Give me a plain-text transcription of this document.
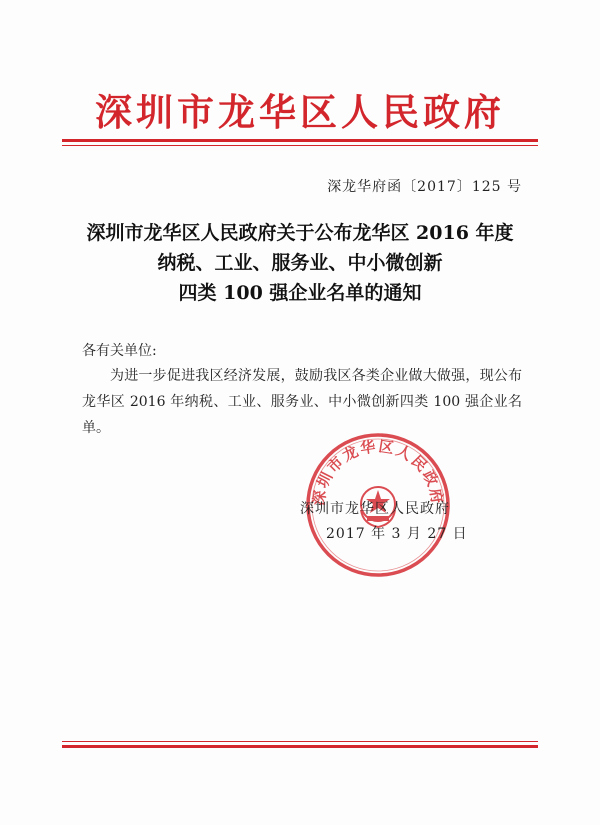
深圳市龙华区人民政府
深龙华府函〔2017〕125 号
深圳市龙华区人民政府关于公布龙华区 2016 年度
纳税、工业、服务业、中小微创新
四类 100 强企业名单的通知
各有关单位:
为进一步促进我区经济发展，鼓励我区各类企业做大做强，现公布龙华区 2016 年纳税、工业、服务业、中小微创新四类 100 强企业名单。
深圳市龙华区人民政府
深圳市龙华区人民政府
2017 年 3 月 27 日
